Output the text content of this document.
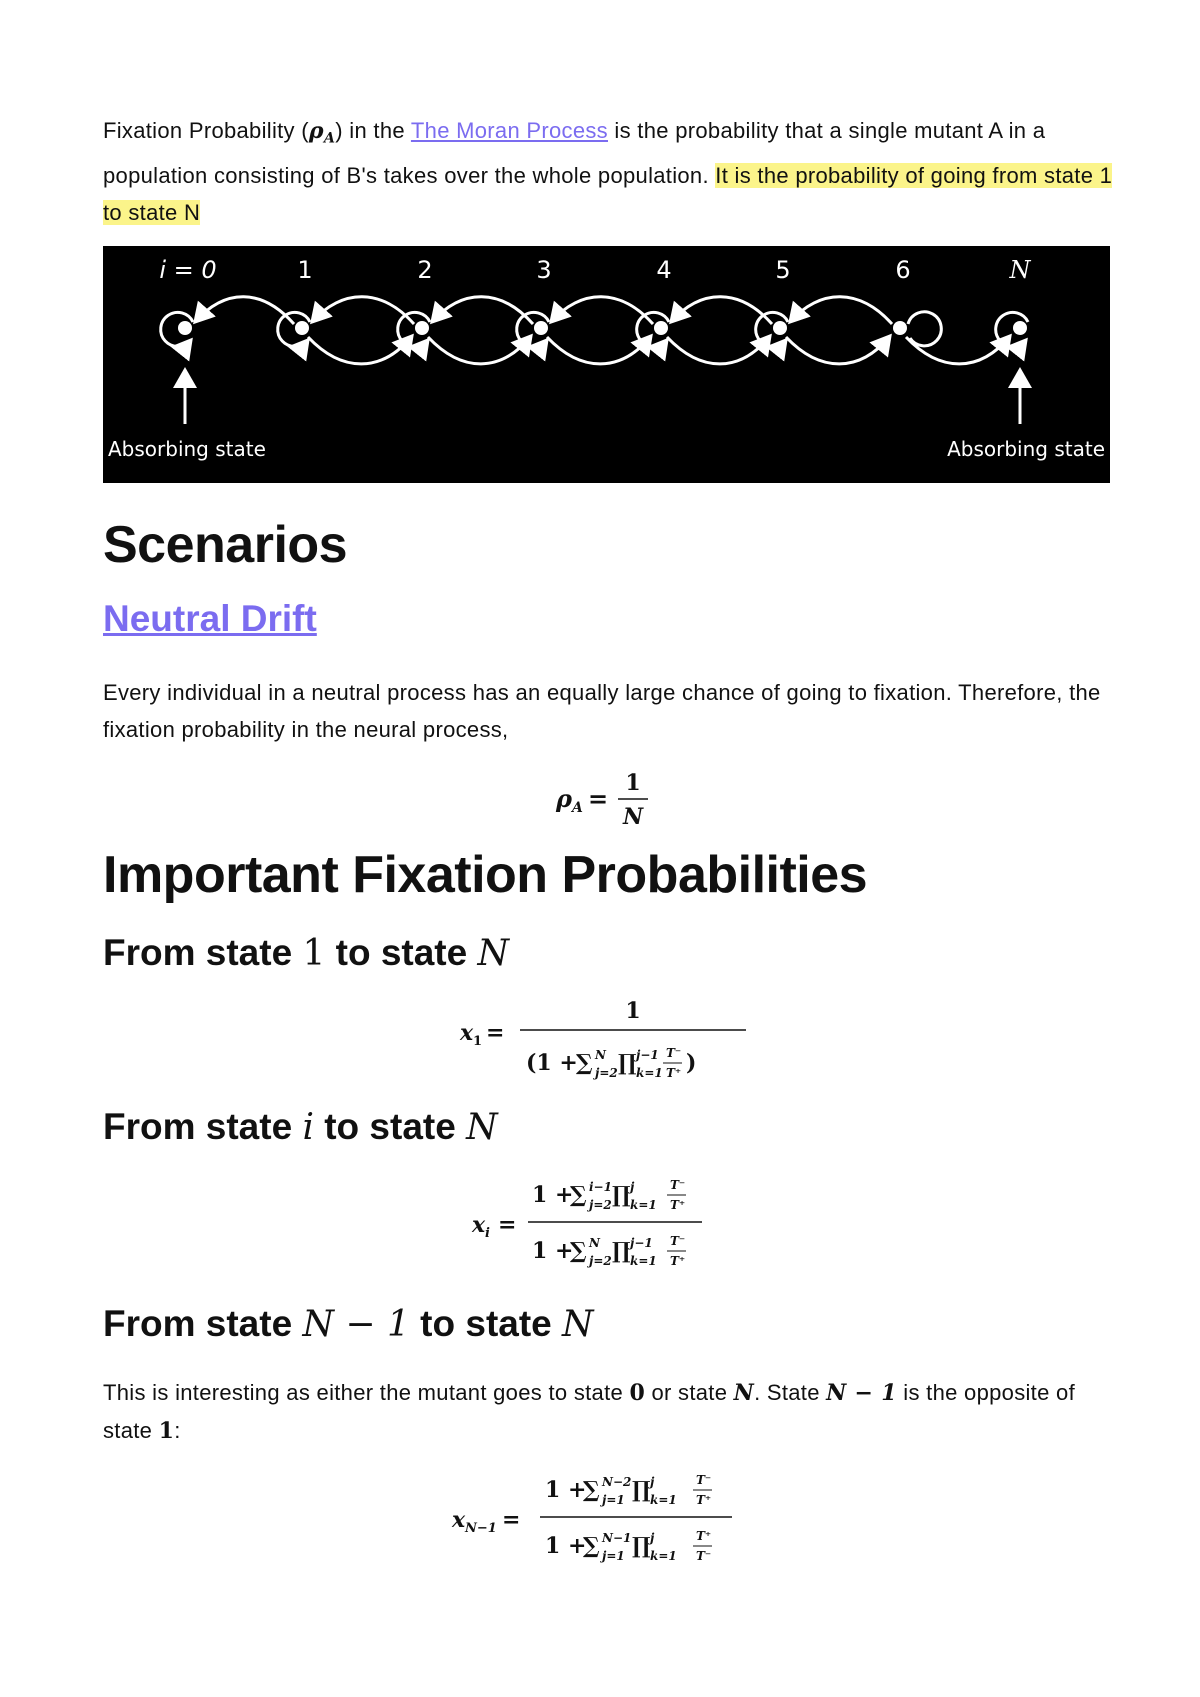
Fixation Probability $(\rho_A)$ in the The Moran Process is the probability that a single mutant A in a population consisting of B's takes over the whole population. It is the probability of going from state 1 to state N
i = 0	1	2	3	4	5	6	N
Absorbing state	Absorbing state
Scenarios
Neutral Drift
Every individual in a neutral process has an equally large chance of going to fixation. Therefore, the fixation probability in the neural process,
ρ A =
1
N
Important Fixation Probabilities
From state 1 to state N
x 1 =
1
(1 +
∑ N
j=2 ∏ j−1
k=1
T⁻
T⁺ )
From state i to state N
x i =
1 +
∑ i−1
j=2 ∏ j
k=1
T⁻
T⁺
1 +
∑ N
j=2 ∏ j−1
k=1
T⁻
T⁺
From state N − 1 to state N
This is interesting as either the mutant goes to state 0 or state N. State N − 1 is the opposite of state 1:
x N−1 =
1 +
∑ N−2
j=1 ∏ j
k=1
T⁻
T⁺
1 +
∑ N−1
j=1 ∏ j
k=1
T⁺
T⁻
